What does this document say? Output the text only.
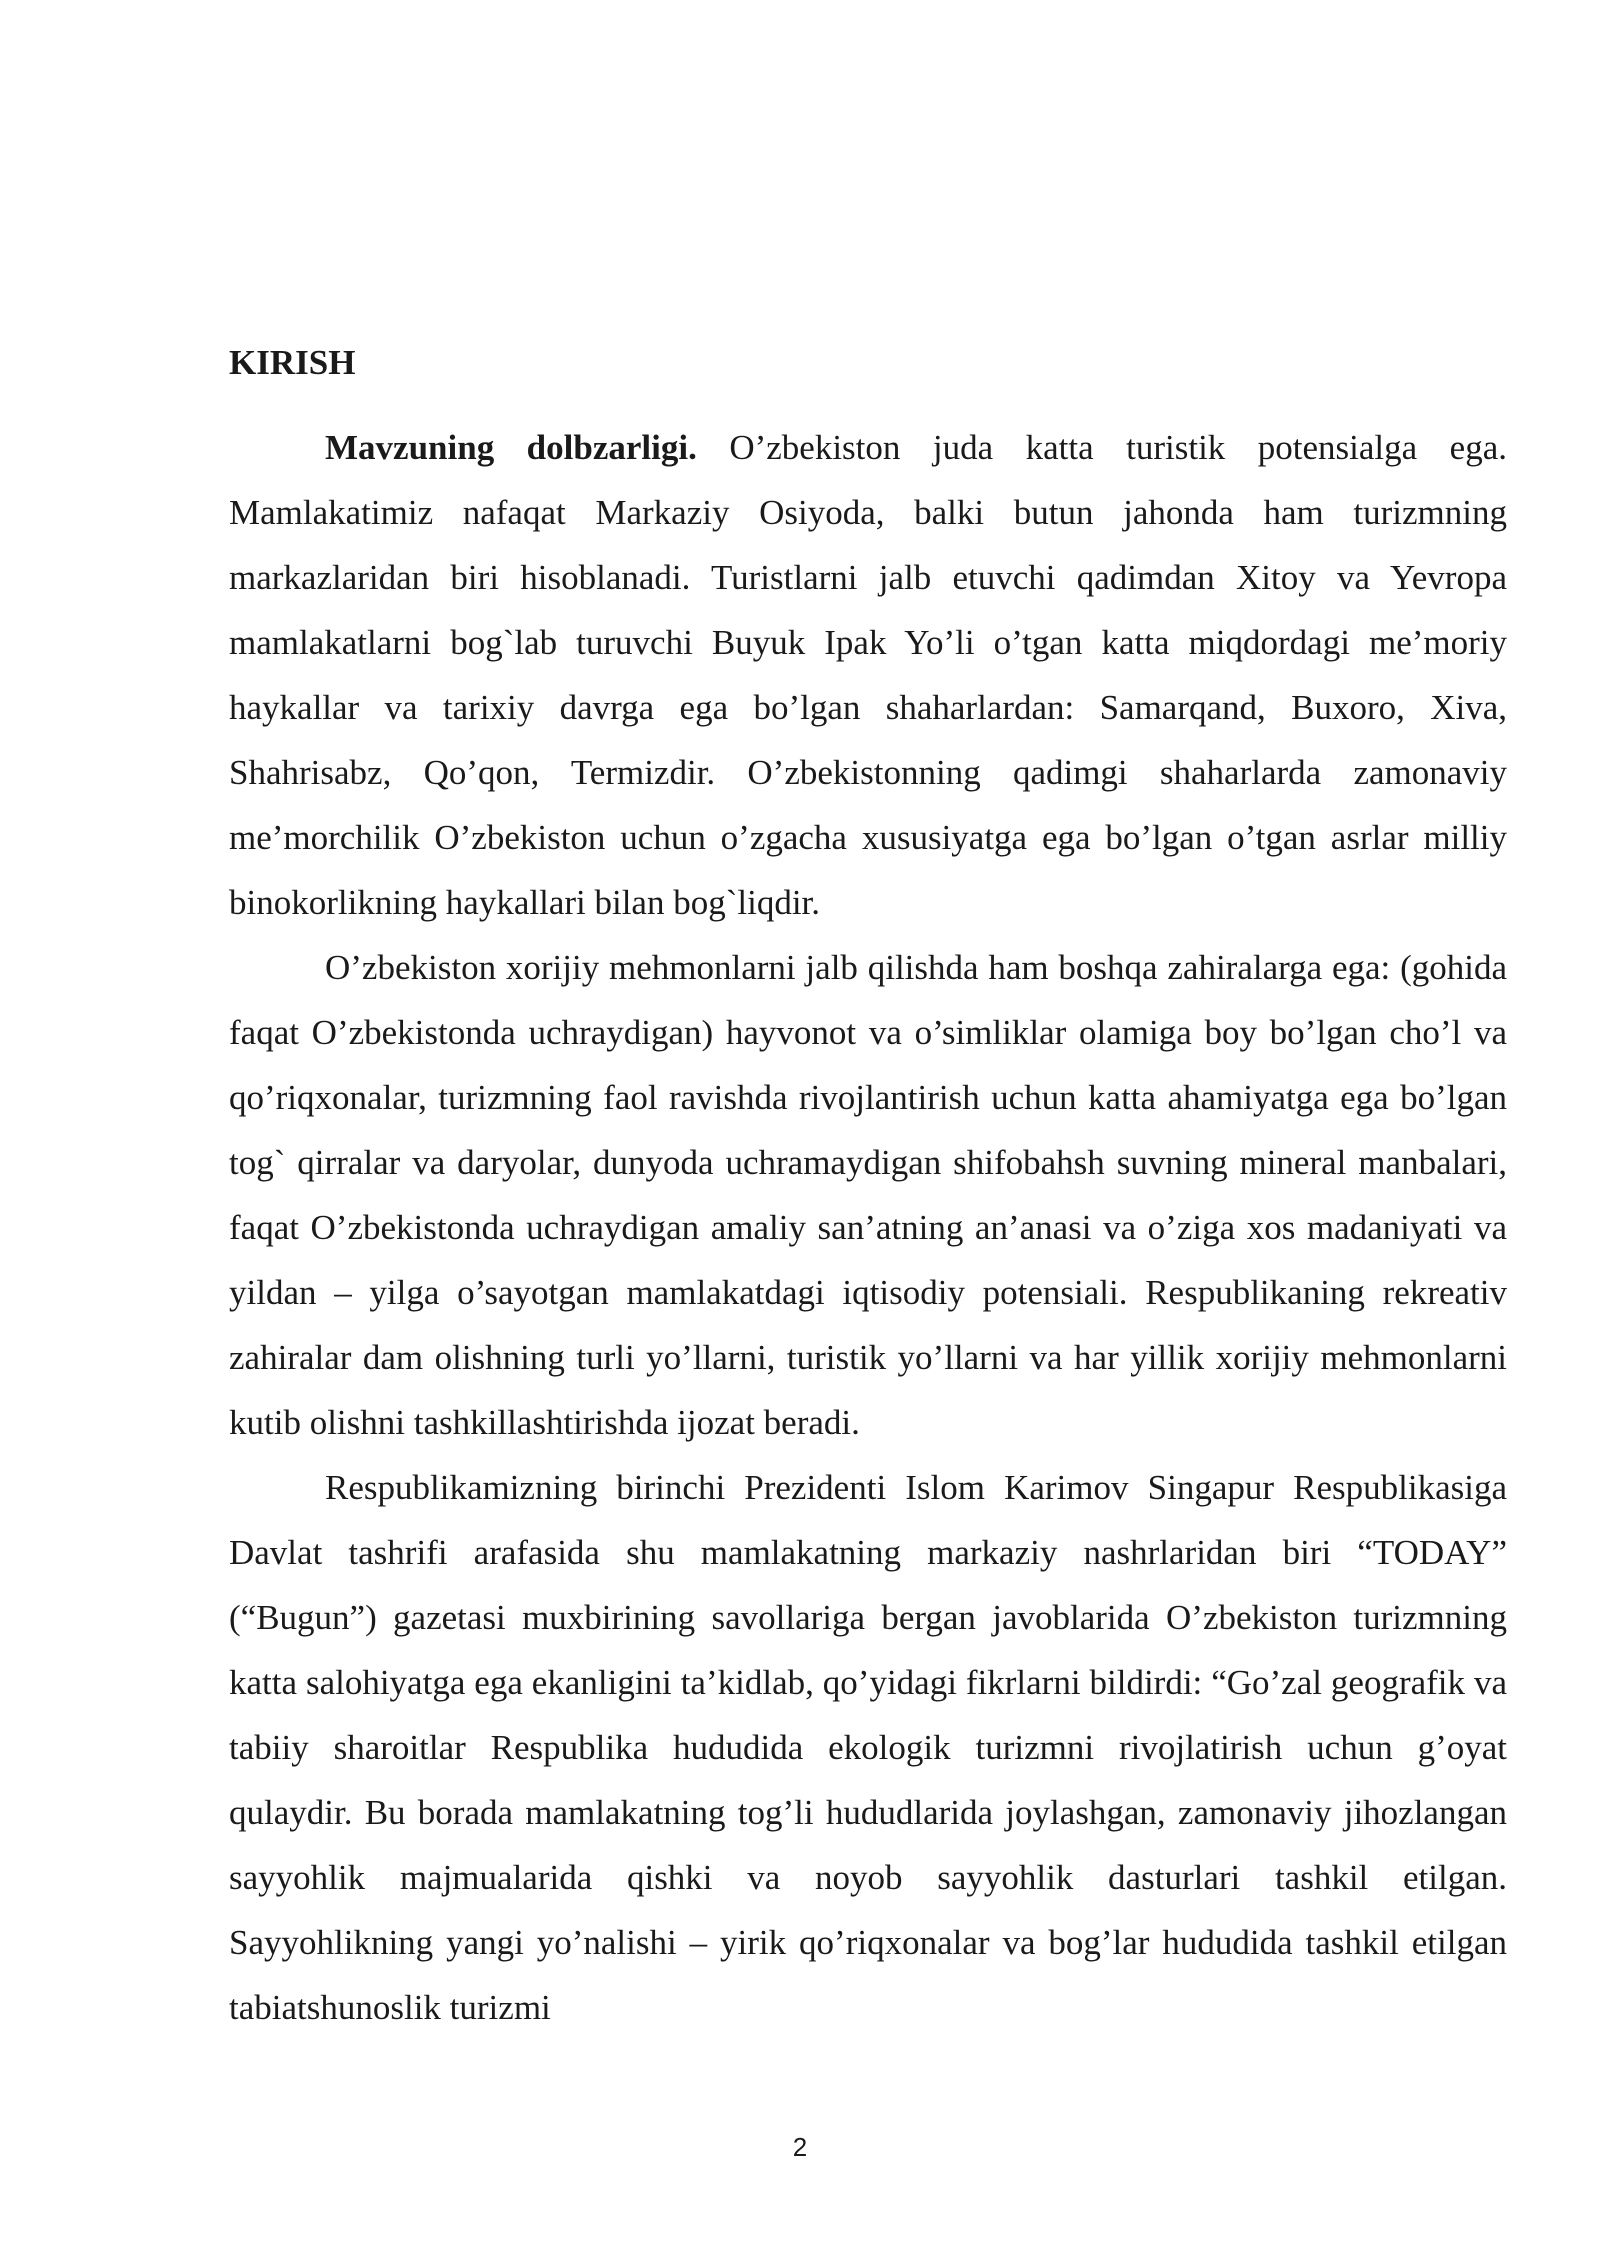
KIRISH

Mavzuning dolbzarligi. O’zbekiston juda katta turistik potensialga ega. Mamlakatimiz nafaqat Markaziy Osiyoda, balki butun jahonda ham turizmning markazlaridan biri hisoblanadi. Turistlarni jalb etuvchi qadimdan Xitoy va Yevropa mamlakatlarni bog`lab turuvchi Buyuk Ipak Yo’li o’tgan katta miqdordagi me’moriy haykallar va tarixiy davrga ega bo’lgan shaharlardan: Samarqand, Buxoro, Xiva, Shahrisabz, Qo’qon, Termizdir. O’zbekistonning qadimgi shaharlarda zamonaviy me’morchilik O’zbekiston uchun o’zgacha xususiyatga ega bo’lgan o’tgan asrlar milliy binokorlikning haykallari bilan bog`liqdir.

O’zbekiston xorijiy mehmonlarni jalb qilishda ham boshqa zahiralarga ega: (gohida faqat O’zbekistonda uchraydigan) hayvonot va o’simliklar olamiga boy bo’lgan cho’l va qo’riqxonalar, turizmning faol ravishda rivojlantirish uchun katta ahamiyatga ega bo’lgan tog` qirralar va daryolar, dunyoda uchramaydigan shifobahsh suvning mineral manbalari, faqat O’zbekistonda uchraydigan amaliy san’atning an’anasi va o’ziga xos madaniyati va yildan – yilga o’sayotgan mamlakatdagi iqtisodiy potensiali. Respublikaning rekreativ zahiralar dam olishning turli yo’llarni, turistik yo’llarni va har yillik xorijiy mehmonlarni kutib olishni tashkillashtirishda ijozat beradi.

Respublikamizning birinchi Prezidenti Islom Karimov Singapur Respublikasiga Davlat tashrifi arafasida shu mamlakatning markaziy nashrlaridan biri “TODAY” (“Bugun”) gazetasi muxbirining savollariga bergan javoblarida O’zbekiston turizmning katta salohiyatga ega ekanligini ta’kidlab, qo’yidagi fikrlarni bildirdi: “Go’zal geografik va tabiiy sharoitlar Respublika hududida ekologik turizmni rivojlatirish uchun g’oyat qulaydir. Bu borada mamlakatning tog’li hududlarida joylashgan, zamonaviy jihozlangan sayyohlik majmualarida qishki va noyob sayyohlik dasturlari tashkil etilgan. Sayyohlikning yangi yo’nalishi – yirik qo’riqxonalar va bog’lar hududida tashkil etilgan tabiatshunoslik turizmi

2
